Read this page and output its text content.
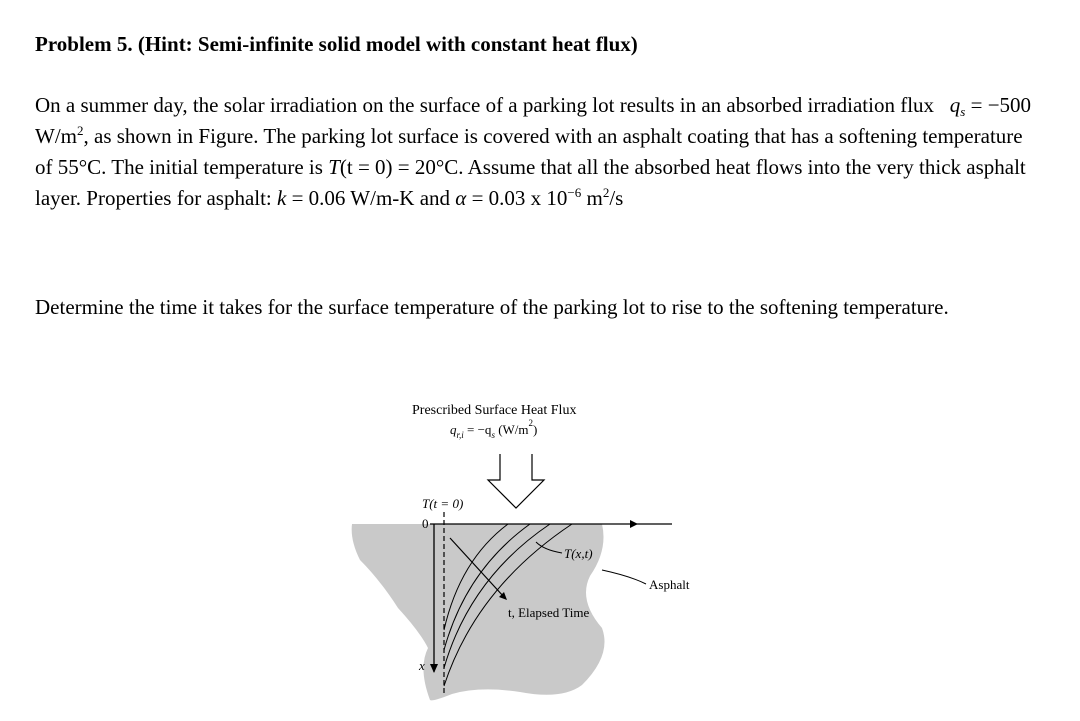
Problem 5. (Hint: Semi-infinite solid model with constant heat flux)
On a summer day, the solar irradiation on the surface of a parking lot results in an absorbed irradiation flux $q_s = -500$ $W/m^2$, as shown in Figure. The parking lot surface is covered with an asphalt coating that has a softening temperature of 55°C. The initial temperature is T(t = 0) = 20°C. Assume that all the absorbed heat flows into the very thick asphalt layer. Properties for asphalt: k = 0.06 W/m-K and α = 0.03 x $10^{-6}$ $m^2/s$
Determine the time it takes for the surface temperature of the parking lot to rise to the softening temperature.
Prescribed Surface Heat Flux
$q_{r,i} = -q_s$ $(W/m^2)$
T(t = 0)
0
T(x,t)
t, Elapsed Time
Asphalt
x
